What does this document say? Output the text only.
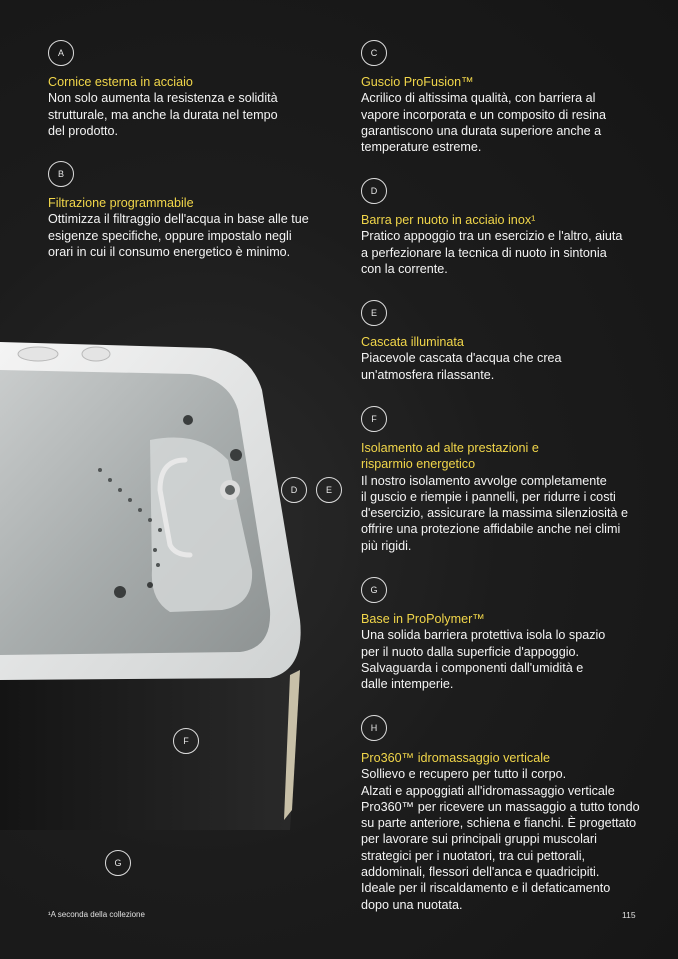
A
Cornice esterna in acciaio
Non solo aumenta la resistenza e solidità
strutturale, ma anche la durata nel tempo
del prodotto.
B
Filtrazione programmabile
Ottimizza il filtraggio dell'acqua in base alle tue
esigenze specifiche, oppure impostalo negli
orari in cui il consumo energetico è minimo.
C
Guscio ProFusion™
Acrilico di altissima qualità, con barriera al
vapore incorporata e un composito di resina
garantiscono una durata superiore anche a
temperature estreme.
D
Barra per nuoto in acciaio inox¹
Pratico appoggio tra un esercizio e l'altro, aiuta
a perfezionare la tecnica di nuoto in sintonia
con la corrente.
E
Cascata illuminata
Piacevole cascata d'acqua che crea
un'atmosfera rilassante.
F
Isolamento ad alte prestazioni e
risparmio energetico
Il nostro isolamento avvolge completamente
il guscio e riempie i pannelli, per ridurre i costi
d'esercizio, assicurare la massima silenziosità e
offrire una protezione affidabile anche nei climi
più rigidi.
G
Base in ProPolymer™
Una solida barriera protettiva isola lo spazio
per il nuoto dalla superficie d'appoggio.
Salvaguarda i componenti dall'umidità e
dalle intemperie.
H
Pro360™ idromassaggio verticale
Sollievo e recupero per tutto il corpo.
Alzati e appoggiati all'idromassaggio verticale
Pro360™ per ricevere un massaggio a tutto tondo
su parte anteriore, schiena e fianchi. È progettato
per lavorare sui principali gruppi muscolari
strategici per i nuotatori, tra cui pettorali,
addominali, flessori dell'anca e quadricipiti.
Ideale per il riscaldamento e il defaticamento
dopo una nuotata.
D	E
F
G
¹A seconda della collezione	115
